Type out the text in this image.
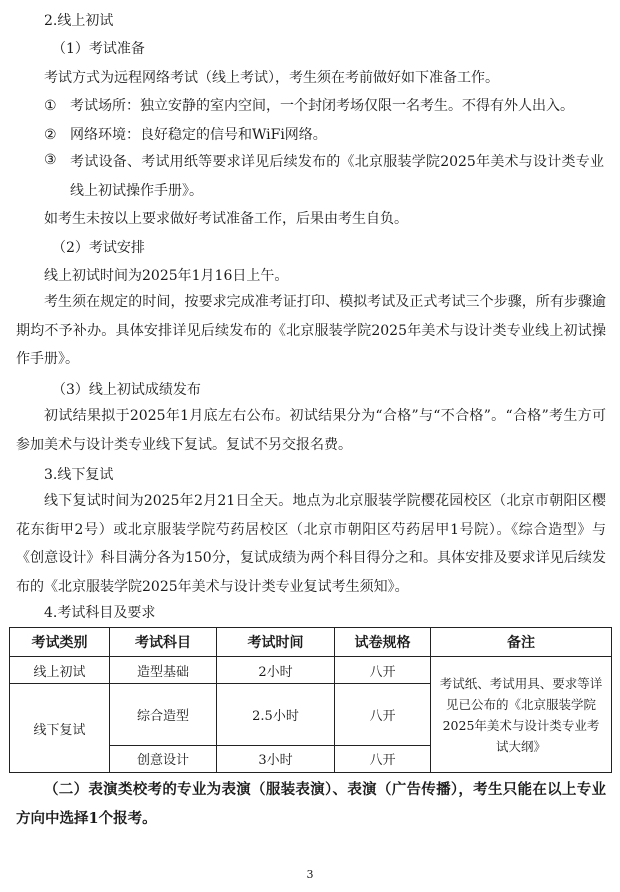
2.线上初试
（1）考试准备
考试方式为远程网络考试（线上考试），考生须在考前做好如下准备工作。
① 考试场所：独立安静的室内空间，一个封闭考场仅限一名考生。不得有外人出入。
② 网络环境：良好稳定的信号和WiFi网络。
③ 考试设备、考试用纸等要求详见后续发布的《北京服装学院2025年美术与设计类专业线上初试操作手册》。
如考生未按以上要求做好考试准备工作，后果由考生自负。
（2）考试安排
线上初试时间为2025年1月16日上午。
考生须在规定的时间，按要求完成准考证打印、模拟考试及正式考试三个步骤，所有步骤逾期均不予补办。具体安排详见后续发布的《北京服装学院2025年美术与设计类专业线上初试操作手册》。
（3）线上初试成绩发布
初试结果拟于2025年1月底左右公布。初试结果分为“合格”与“不合格”。“合格”考生方可参加美术与设计类专业线下复试。复试不另交报名费。
3.线下复试
线下复试时间为2025年2月21日全天。地点为北京服装学院樱花园校区（北京市朝阳区樱花东街甲2号）或北京服装学院芍药居校区（北京市朝阳区芍药居甲1号院）。《综合造型》与《创意设计》科目满分各为150分，复试成绩为两个科目得分之和。具体安排及要求详见后续发布的《北京服装学院2025年美术与设计类专业复试考生须知》。
4.考试科目及要求
考试类别	考试科目	考试时间	试卷规格	备注
线上初试	造型基础	2小时	八开	考试纸、考试用具、要求等详见已公布的《北京服装学院2025年美术与设计类专业考试大纲》
线下复试	综合造型	2.5小时	八开	
	创意设计	3小时	八开	
（二）表演类校考的专业为表演（服装表演）、表演（广告传播），考生只能在以上专业方向中选择1个报考。
3
